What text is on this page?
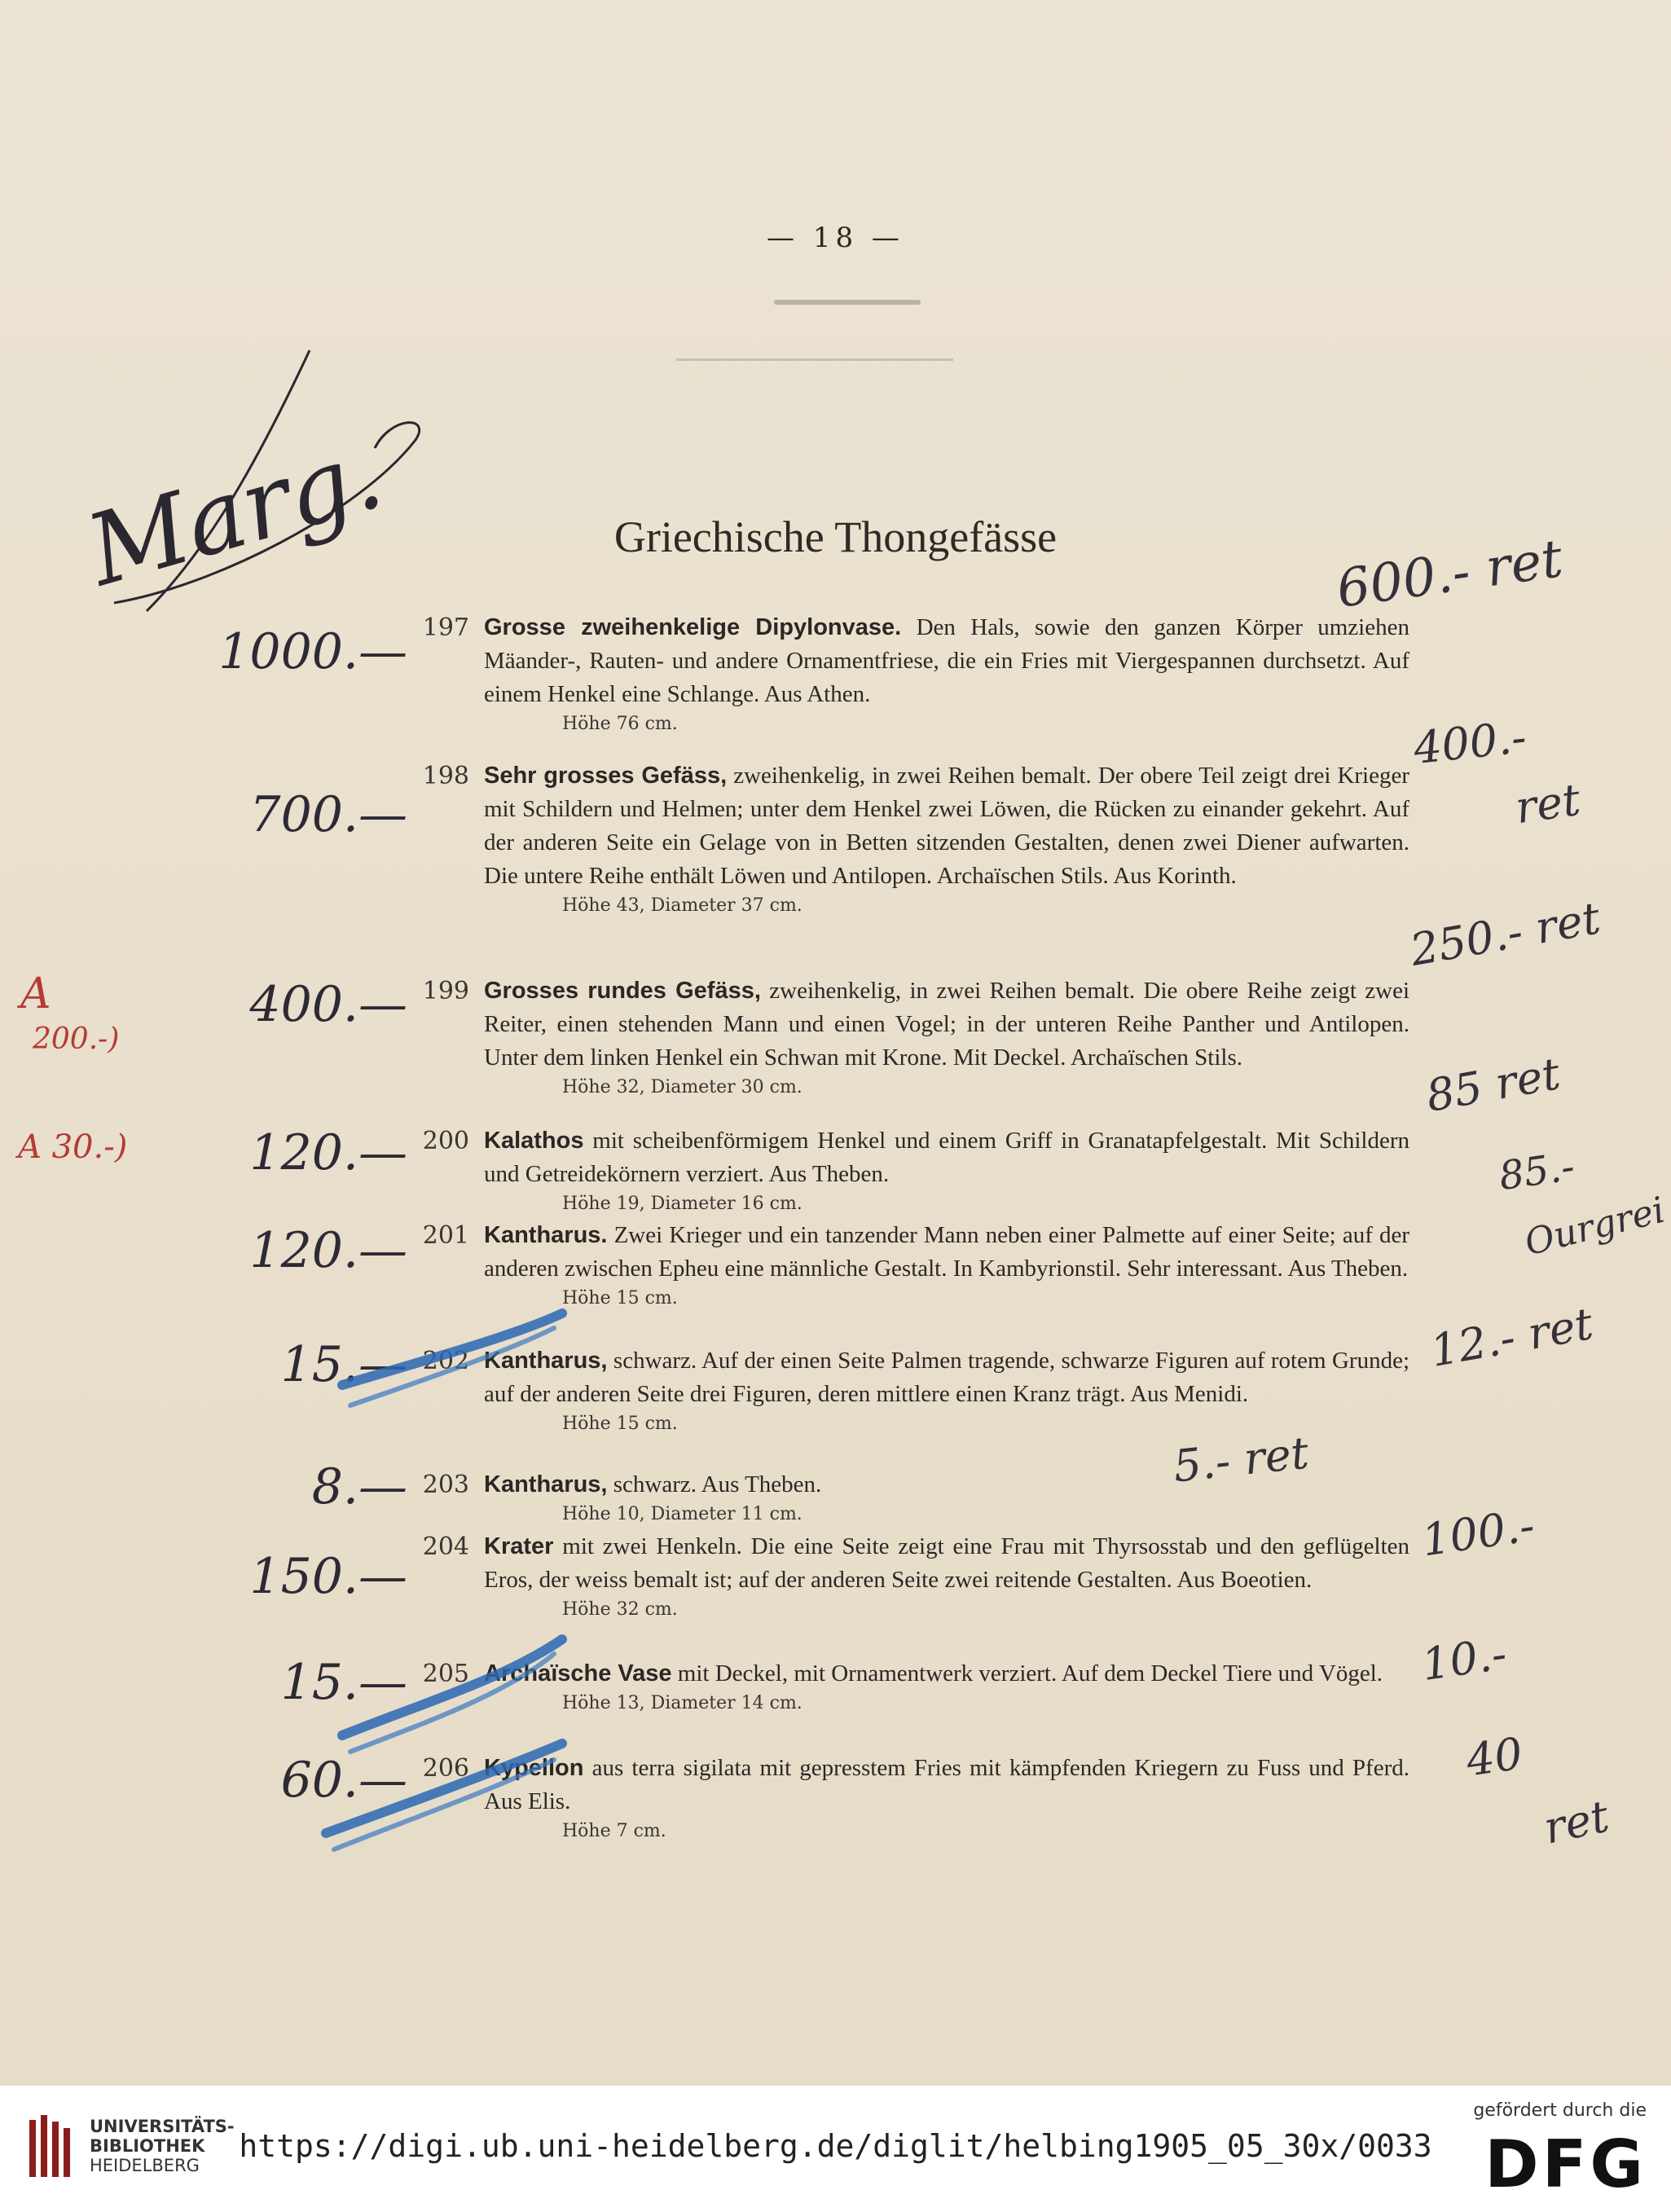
— 18 —
Griechische Thongefässe
Marg.
197 Grosse zweihenkelige Dipylonvase. Den Hals, sowie den ganzen Körper umziehen Mäander-, Rauten- und andere Ornamentfriese, die ein Fries mit Viergespannen durchsetzt. Auf einem Henkel eine Schlange. Aus Athen.
Höhe 76 cm.
198 Sehr grosses Gefäss, zweihenkelig, in zwei Reihen bemalt. Der obere Teil zeigt drei Krieger mit Schildern und Helmen; unter dem Henkel zwei Löwen, die Rücken zu einander gekehrt. Auf der anderen Seite ein Gelage von in Betten sitzenden Gestalten, denen zwei Diener aufwarten. Die untere Reihe enthält Löwen und Antilopen. Archaïschen Stils. Aus Korinth.
Höhe 43, Diameter 37 cm.
199 Grosses rundes Gefäss, zweihenkelig, in zwei Reihen bemalt. Die obere Reihe zeigt zwei Reiter, einen stehenden Mann und einen Vogel; in der unteren Reihe Panther und Antilopen. Unter dem linken Henkel ein Schwan mit Krone. Mit Deckel. Archaïschen Stils.
Höhe 32, Diameter 30 cm.
200 Kalathos mit scheibenförmigem Henkel und einem Griff in Granatapfelgestalt. Mit Schildern und Getreidekörnern verziert. Aus Theben.
Höhe 19, Diameter 16 cm.
201 Kantharus. Zwei Krieger und ein tanzender Mann neben einer Palmette auf einer Seite; auf der anderen zwischen Epheu eine männliche Gestalt. In Kambyrionstil. Sehr interessant. Aus Theben.
Höhe 15 cm.
202 Kantharus, schwarz. Auf der einen Seite Palmen tragende, schwarze Figuren auf rotem Grunde; auf der anderen Seite drei Figuren, deren mittlere einen Kranz trägt. Aus Menidi.
Höhe 15 cm.
203 Kantharus, schwarz. Aus Theben.
Höhe 10, Diameter 11 cm.
204 Krater mit zwei Henkeln. Die eine Seite zeigt eine Frau mit Thyrsosstab und den geflügelten Eros, der weiss bemalt ist; auf der anderen Seite zwei reitende Gestalten. Aus Boeotien.
Höhe 32 cm.
205 Archaïsche Vase mit Deckel, mit Ornamentwerk verziert. Auf dem Deckel Tiere und Vögel.
Höhe 13, Diameter 14 cm.
206 Kypellon aus terra sigilata mit gepresstem Fries mit kämpfenden Kriegern zu Fuss und Pferd. Aus Elis.
Höhe 7 cm.
1000.—
700.—
400.—
120.—
120.—
15.—
8.—
150.—
15.—
60.—
600.- ret
400.-
ret
250.- ret
85 ret
85.-
Ourgrei
12.- ret
5.- ret
100.-
10.-
40
ret
A
200.-)
A 30.-)
UNIVERSITÄTS-
BIBLIOTHEK
HEIDELBERG
https://digi.ub.uni-heidelberg.de/diglit/helbing1905_05_30x/0033
gefördert durch die
DFG
